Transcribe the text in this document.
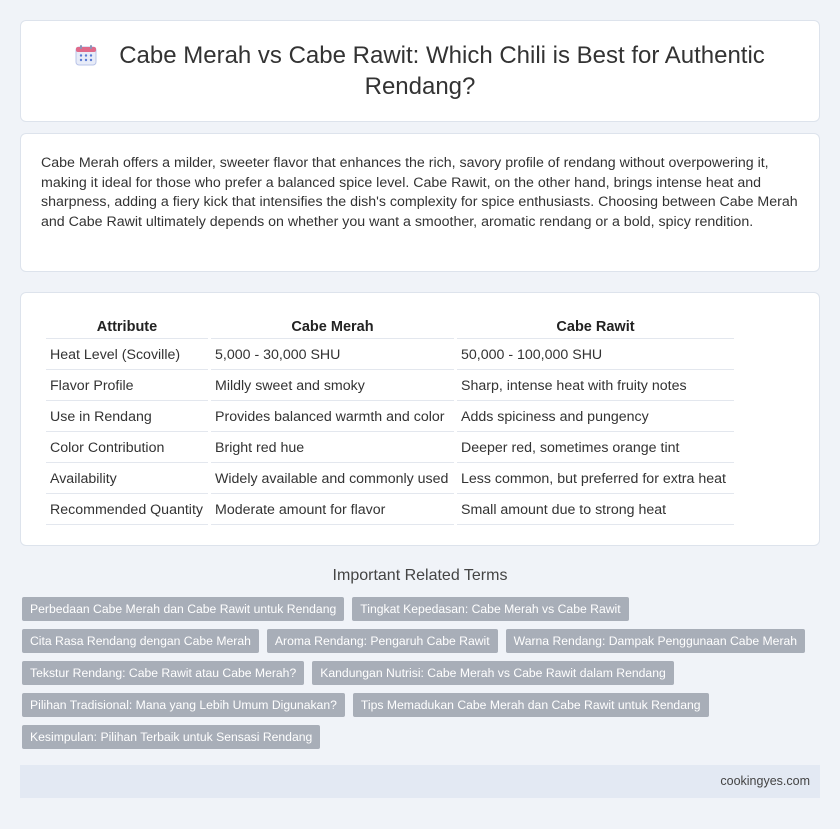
Cabe Merah vs Cabe Rawit: Which Chili is Best for Authentic Rendang?

Cabe Merah offers a milder, sweeter flavor that enhances the rich, savory profile of rendang without overpowering it, making it ideal for those who prefer a balanced spice level. Cabe Rawit, on the other hand, brings intense heat and sharpness, adding a fiery kick that intensifies the dish's complexity for spice enthusiasts. Choosing between Cabe Merah and Cabe Rawit ultimately depends on whether you want a smoother, aromatic rendang or a bold, spicy rendition.

Attribute	Cabe Merah	Cabe Rawit
Heat Level (Scoville)	5,000 - 30,000 SHU	50,000 - 100,000 SHU
Flavor Profile	Mildly sweet and smoky	Sharp, intense heat with fruity notes
Use in Rendang	Provides balanced warmth and color	Adds spiciness and pungency
Color Contribution	Bright red hue	Deeper red, sometimes orange tint
Availability	Widely available and commonly used	Less common, but preferred for extra heat
Recommended Quantity	Moderate amount for flavor	Small amount due to strong heat
Important Related Terms
Perbedaan Cabe Merah dan Cabe Rawit untuk Rendang	Tingkat Kepedasan: Cabe Merah vs Cabe Rawit
Cita Rasa Rendang dengan Cabe Merah	Aroma Rendang: Pengaruh Cabe Rawit	Warna Rendang: Dampak Penggunaan Cabe Merah
Tekstur Rendang: Cabe Rawit atau Cabe Merah?	Kandungan Nutrisi: Cabe Merah vs Cabe Rawit dalam Rendang
Pilihan Tradisional: Mana yang Lebih Umum Digunakan?	Tips Memadukan Cabe Merah dan Cabe Rawit untuk Rendang
Kesimpulan: Pilihan Terbaik untuk Sensasi Rendang
cookingyes.com
